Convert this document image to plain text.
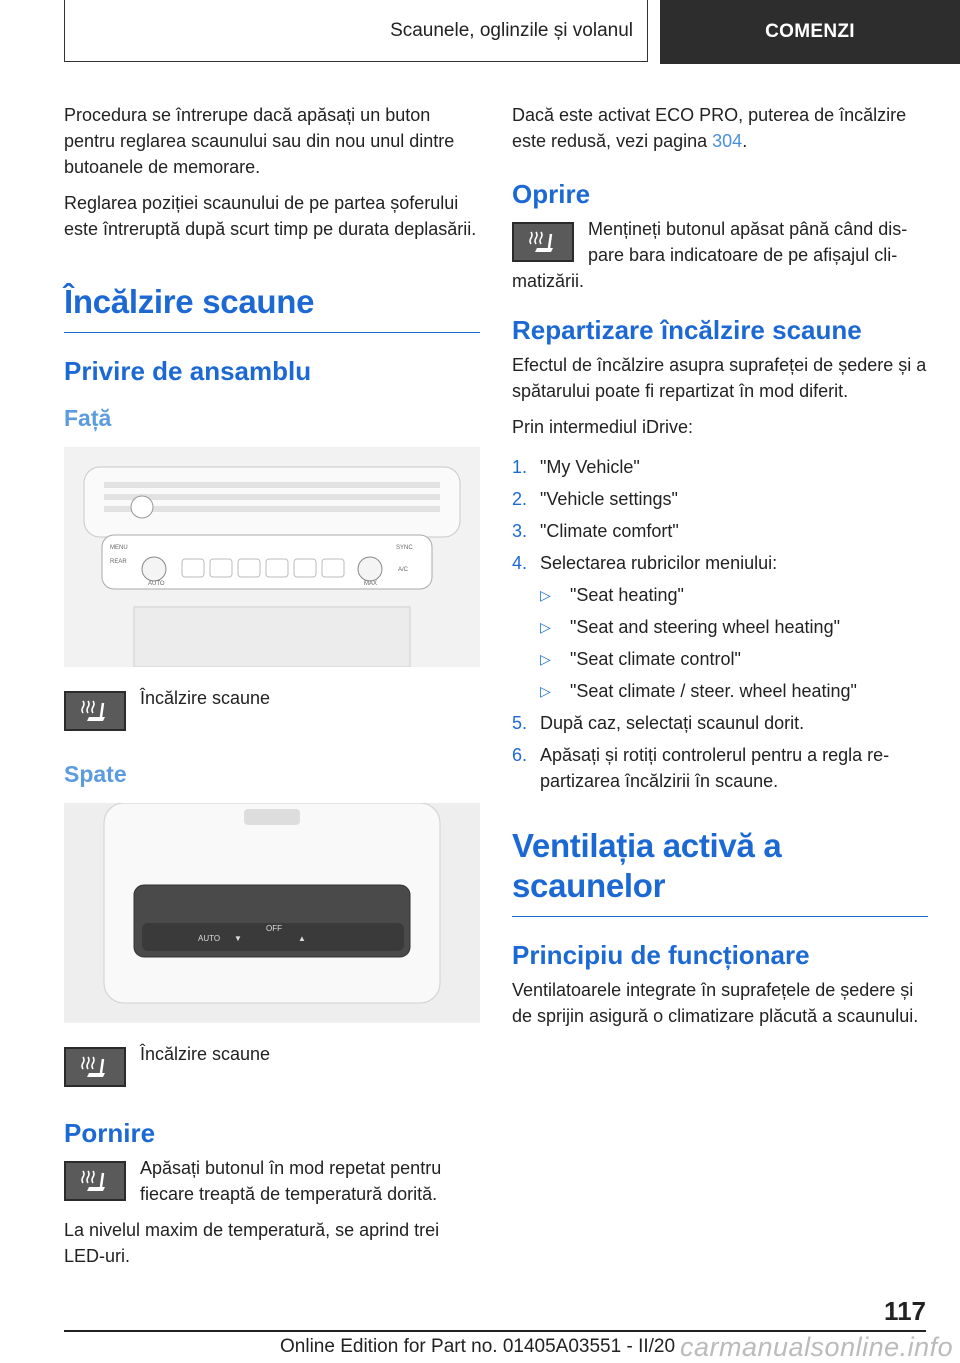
Scaunele, oglinzile și volanul	COMENZI

Procedura se întrerupe dacă apăsați un buton pentru reglarea scaunului sau din nou unul dintre butoanele de memorare.

Reglarea poziției scaunului de pe partea șoferului este întreruptă după scurt timp pe durata deplasării.

Încălzire scaune
Privire de ansamblu
Față
MENU
AUTO	MAX
SYNC
A/C
REAR

Încălzire scaune

Spate
AUTO
OFF
▼	▲

Încălzire scaune

Pornire

Apăsați butonul în mod repetat pentru fiecare treaptă de temperatură dorită.

La nivelul maxim de temperatură, se aprind trei LED-uri.

Dacă este activat ECO PRO, puterea de încălzire este redusă, vezi pagina 304.

Oprire

Mențineți butonul apăsat până când dispare bara indicatoare de pe afișajul climatizării.

Repartizare încălzire scaune

Efectul de încălzire asupra suprafeței de ședere și a spătarului poate fi repartizat în mod diferit.

Prin intermediul iDrive:

1. "My Vehicle"
2. "Vehicle settings"
3. "Climate comfort"
4. Selectarea rubricilor meniului:
▷ "Seat heating"
▷ "Seat and steering wheel heating"
▷ "Seat climate control"
▷ "Seat climate / steer. wheel heating"
5. După caz, selectați scaunul dorit.
6. Apăsați și rotiți controlerul pentru a regla repartizarea încălzirii în scaune.
Ventilația activă a scaunelor
Principiu de funcționare

Ventilatoarele integrate în suprafețele de ședere și de sprijin asigură o climatizare plăcută a scaunului.

117
Online Edition for Part no. 01405A03551 - II/20 carmanualsonline.info
